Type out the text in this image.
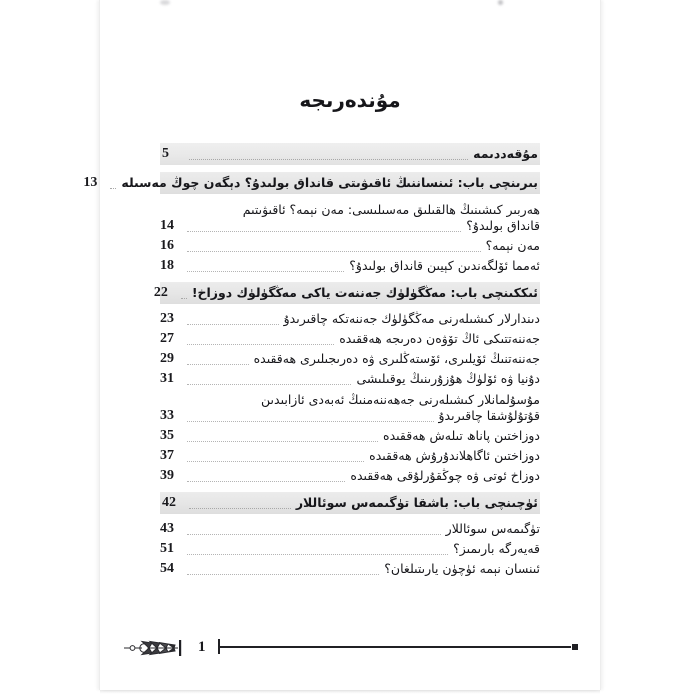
مۇندەرىجە
مۇقەددىمە
5
بىرىنچى باب: ئىنساننىڭ ئاقىۋىتى قانداق بولىدۇ؟ دېگەن چوڭ مەسىلە
13
ھەربىر كىشىنىڭ ھالقىلىق مەسىلىسى: مەن نېمە؟ ئاقىۋىتىم
قانداق بولىدۇ؟
14
مەن نېمە؟
16
ئەمما ئۆلگەندىن كېيىن قانداق بولىدۇ؟
18
ئىككىنچى باب: مەڭگۈلۈك جەننەت ياكى مەڭگۈلۈك دوزاخ!
22
دىندارلار كىشىلەرنى مەڭگۈلۈك جەننەتكە چاقىرىدۇ
23
جەننەتتىكى ئاڭ تۆۋەن دەرىجە ھەققىدە
27
جەننەتنىڭ ئۆيلىرى، ئۆستەڭلىرى ۋە دەرىجىلىرى ھەققىدە
29
دۇنيا ۋە ئۆلۈڭ ھۇزۇرىنىڭ يوقىلىشى
31
مۇسۇلمانلار كىشىلەرنى جەھەننەمنىڭ ئەبەدى ئازابىدىن
قۇتۇلۇشقا چاقىرىدۇ
33
دوزاختىن پاناھ تىلەش ھەققىدە
35
دوزاختىن ئاگاھلاندۇرۇش ھەققىدە
37
دوزاخ ئوتى ۋە چوڭقۇرلۇقى ھەققىدە
39
ئۈچىنچى باب: باشقا تۈگىمەس سوئاللار
42
تۈگىمەس سوئاللار
43
قەيەرگە بارىمىز؟
51
ئىنسان نېمە ئۈچۈن يارىتىلغان؟
54
1
